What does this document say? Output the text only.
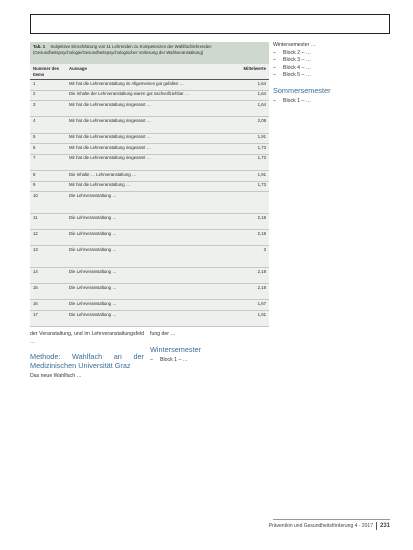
Tab. 1 Subjektive Einschätzung von 11 Lehrenden zu Kompetenzen der Wahlfachlehrenden (Gesundheitspsychologie/Gesundheitspsychologischer Vorlesung der Wahlveranstaltung)
Nummer des Items
Aussage	Mittelwerte
1	Mir hat die Lehrveranstaltung im Allgemeinen gut gefallen …	1,64
2	Die Inhalte der Lehrveranstaltung waren gut nachvollziehbar …	1,64
3	Mir hat die Lehrveranstaltung insgesamt …	1,64
4	Mir hat die Lehrveranstaltung insgesamt …	2,09
5	Mir hat die Lehrveranstaltung insgesamt …	1,91
6	Mir hat die Lehrveranstaltung insgesamt …	1,73
7	Mir hat die Lehrveranstaltung insgesamt …	1,73
8	Die Inhalte … Lehrveranstaltung …	1,91
9	Mir hat die Lehrveranstaltung …	1,73
10	Die Lehrveranstaltung …
11	Die Lehrveranstaltung …	2,18
12	Die Lehrveranstaltung …	2,18
13	Die Lehrveranstaltung …	3
14	Die Lehrveranstaltung …	2,18
15	Die Lehrveranstaltung …	2,18
16	Die Lehrveranstaltung …	1,67
17	Die Lehrveranstaltung …	1,91

der Veranstaltung, und im Lehrveranstaltungsfeld …

Methode: Wahlfach an der Medizinischen Universität Graz

Das neue Wahlfach …

fung der …

Wintersemester

– Block 1 – …

Wintersemester …

– Block 2 – …

– Block 3 – …

– Block 4 – …

– Block 5 – …

Sommersemester

– Block 1 – …

Prävention und Gesundheitsförderung 4 · 2017 231
